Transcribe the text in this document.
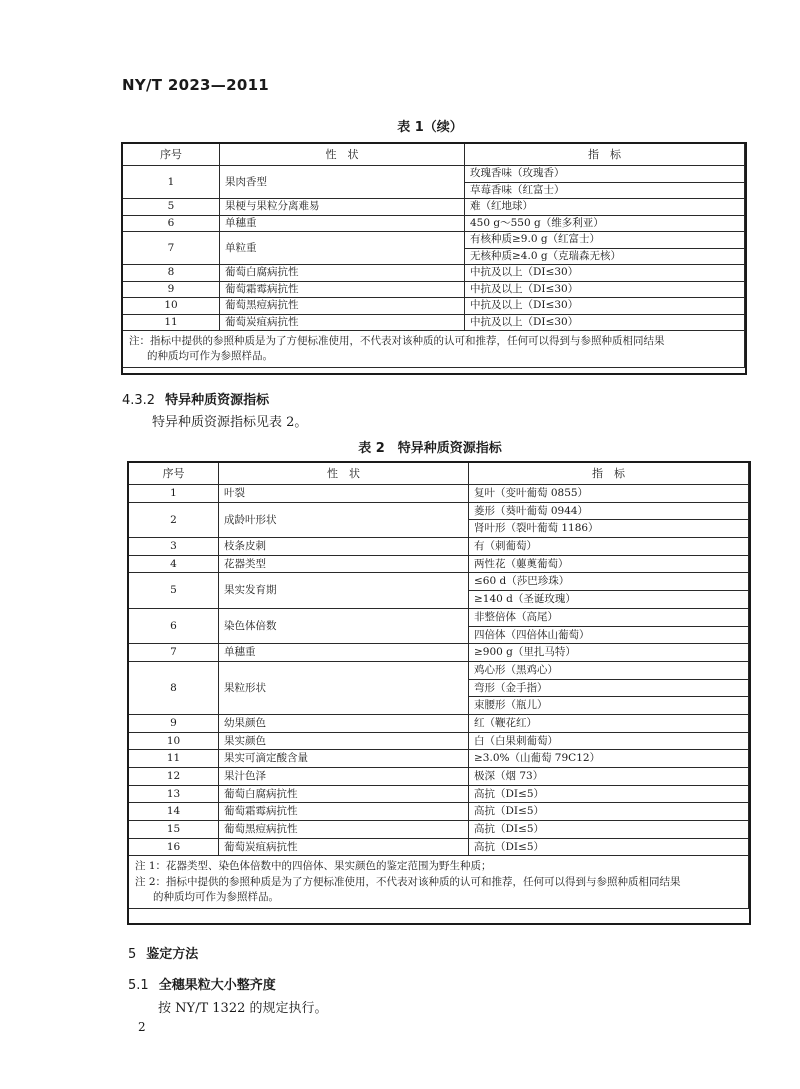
NY/T 2023—2011
表 1（续）
序号	性　状	指　标
1	果肉香型	玫瑰香味（玫瑰香）
		草莓香味（红富士）
5	果梗与果粒分离难易	难（红地球）
6	单穗重	450 g～550 g（维多利亚）
7	单粒重	有核种质≥9.0 g（红富士）
		无核种质≥4.0 g（克瑞森无核）
8	葡萄白腐病抗性	中抗及以上（DI≤30）
9	葡萄霜霉病抗性	中抗及以上（DI≤30）
10	葡萄黑痘病抗性	中抗及以上（DI≤30）
11	葡萄炭疽病抗性	中抗及以上（DI≤30）

注：指标中提供的参照种质是为了方便标准使用，不代表对该种质的认可和推荐，任何可以得到与参照种质相同结果
的种质均可作为参照样品。		
4.3.2 特异种质资源指标
特异种质资源指标见表 2。
表 2　特异种质资源指标
序号	性　状	指　标
1	叶裂	复叶（变叶葡萄 0855）
2	成龄叶形状	菱形（葵叶葡萄 0944）
		肾叶形（裂叶葡萄 1186）
3	枝条皮刺	有（刺葡萄）
4	花器类型	两性花（蘡薁葡萄）
5	果实发育期	≤60 d（莎巴珍珠）
		≥140 d（圣诞玫瑰）
6	染色体倍数	非整倍体（高尾）
		四倍体（四倍体山葡萄）
7	单穗重	≥900 g（里扎马特）
8	果粒形状	鸡心形（黑鸡心）
		弯形（金手指）
		束腰形（瓶儿）
9	幼果颜色	红（鞭花红）
10	果实颜色	白（白果刺葡萄）
11	果实可滴定酸含量	≥3.0%（山葡萄 79C12）
12	果汁色泽	极深（烟 73）
13	葡萄白腐病抗性	高抗（DI≤5）
14	葡萄霜霉病抗性	高抗（DI≤5）
15	葡萄黑痘病抗性	高抗（DI≤5）
16	葡萄炭疽病抗性	高抗（DI≤5）

注 1：花器类型、染色体倍数中的四倍体、果实颜色的鉴定范围为野生种质；
注 2：指标中提供的参照种质是为了方便标准使用，不代表对该种质的认可和推荐，任何可以得到与参照种质相同结果
的种质均可作为参照样品。		
5 鉴定方法
5.1 全穗果粒大小整齐度
按 NY/T 1322 的规定执行。
2
